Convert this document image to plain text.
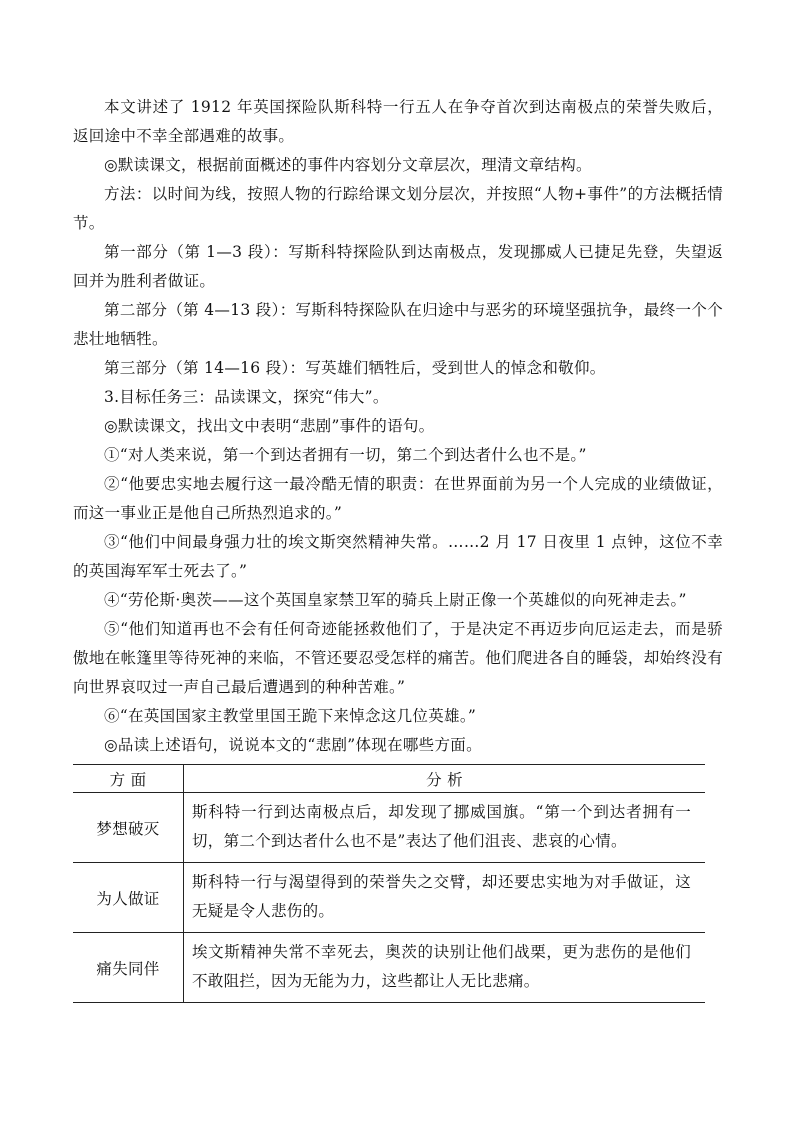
本文讲述了 1912 年英国探险队斯科特一行五人在争夺首次到达南极点的荣誉失败后，返回途中不幸全部遇难的故事。

◎默读课文，根据前面概述的事件内容划分文章层次，理清文章结构。

方法：以时间为线，按照人物的行踪给课文划分层次，并按照“人物+事件”的方法概括情节。

第一部分（第 1—3 段）：写斯科特探险队到达南极点，发现挪威人已捷足先登，失望返回并为胜利者做证。

第二部分（第 4—13 段）：写斯科特探险队在归途中与恶劣的环境坚强抗争，最终一个个悲壮地牺牲。

第三部分（第 14—16 段）：写英雄们牺牲后，受到世人的悼念和敬仰。

3.目标任务三：品读课文，探究“伟大”。

◎默读课文，找出文中表明“悲剧”事件的语句。

①“对人类来说，第一个到达者拥有一切，第二个到达者什么也不是。”

②“他要忠实地去履行这一最冷酷无情的职责：在世界面前为另一个人完成的业绩做证，而这一事业正是他自己所热烈追求的。”

③“他们中间最身强力壮的埃文斯突然精神失常。……2 月 17 日夜里 1 点钟，这位不幸的英国海军军士死去了。”

④“劳伦斯·奥茨——这个英国皇家禁卫军的骑兵上尉正像一个英雄似的向死神走去。”

⑤“他们知道再也不会有任何奇迹能拯救他们了，于是决定不再迈步向厄运走去，而是骄傲地在帐篷里等待死神的来临，不管还要忍受怎样的痛苦。他们爬进各自的睡袋，却始终没有向世界哀叹过一声自己最后遭遇到的种种苦难。”

⑥“在英国国家主教堂里国王跪下来悼念这几位英雄。”

◎品读上述语句，说说本文的“悲剧”体现在哪些方面。

方 面	分 析
梦想破灭	斯科特一行到达南极点后，却发现了挪威国旗。“第一个到达者拥有一切，第二个到达者什么也不是”表达了他们沮丧、悲哀的心情。
为人做证	斯科特一行与渴望得到的荣誉失之交臂，却还要忠实地为对手做证，这无疑是令人悲伤的。
痛失同伴	埃文斯精神失常不幸死去，奥茨的诀别让他们战栗，更为悲伤的是他们不敢阻拦，因为无能为力，这些都让人无比悲痛。
